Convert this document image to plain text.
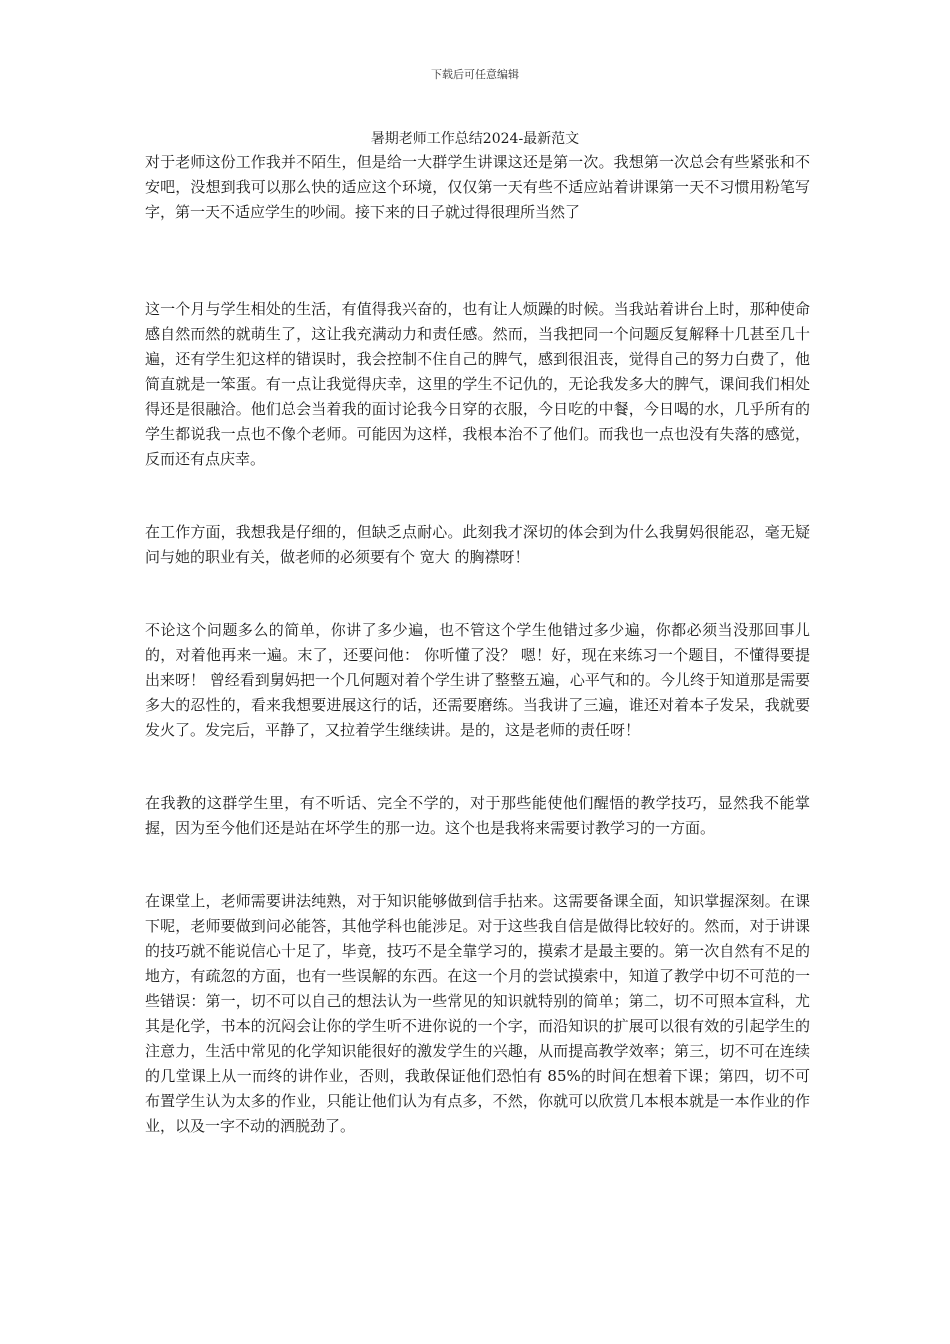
下载后可任意编辑
暑期老师工作总结2024-最新范文

对于老师这份工作我并不陌生，但是给一大群学生讲课这还是第一次。我想第一次总会有些紧张和不安吧，没想到我可以那么快的适应这个环境，仅仅第一天有些不适应站着讲课第一天不习惯用粉笔写字，第一天不适应学生的吵闹。接下来的日子就过得很理所当然了

这一个月与学生相处的生活，有值得我兴奋的，也有让人烦躁的时候。当我站着讲台上时，那种使命感自然而然的就萌生了，这让我充满动力和责任感。然而，当我把同一个问题反复解释十几甚至几十遍，还有学生犯这样的错误时，我会控制不住自己的脾气，感到很沮丧，觉得自己的努力白费了，他简直就是一笨蛋。有一点让我觉得庆幸，这里的学生不记仇的，无论我发多大的脾气，课间我们相处得还是很融洽。他们总会当着我的面讨论我今日穿的衣服，今日吃的中餐，今日喝的水，几乎所有的学生都说我一点也不像个老师。可能因为这样，我根本治不了他们。而我也一点也没有失落的感觉，反而还有点庆幸。

在工作方面，我想我是仔细的，但缺乏点耐心。此刻我才深切的体会到为什么我舅妈很能忍，毫无疑问与她的职业有关，做老师的必须要有个 宽大 的胸襟呀！

不论这个问题多么的简单，你讲了多少遍，也不管这个学生他错过多少遍，你都必须当没那回事儿的，对着他再来一遍。末了，还要问他： 你听懂了没？ 嗯！好，现在来练习一个题目，不懂得要提出来呀！ 曾经看到舅妈把一个几何题对着个学生讲了整整五遍，心平气和的。今儿终于知道那是需要多大的忍性的，看来我想要进展这行的话，还需要磨练。当我讲了三遍，谁还对着本子发呆，我就要发火了。发完后，平静了，又拉着学生继续讲。是的，这是老师的责任呀！

在我教的这群学生里，有不听话、完全不学的，对于那些能使他们醒悟的教学技巧，显然我不能掌握，因为至今他们还是站在坏学生的那一边。这个也是我将来需要讨教学习的一方面。

在课堂上，老师需要讲法纯熟，对于知识能够做到信手拈来。这需要备课全面，知识掌握深刻。在课下呢，老师要做到问必能答，其他学科也能涉足。对于这些我自信是做得比较好的。然而，对于讲课的技巧就不能说信心十足了，毕竟，技巧不是全靠学习的，摸索才是最主要的。第一次自然有不足的地方，有疏忽的方面，也有一些误解的东西。在这一个月的尝试摸索中，知道了教学中切不可范的一些错误：第一，切不可以自己的想法认为一些常见的知识就特别的简单；第二，切不可照本宣科，尤其是化学，书本的沉闷会让你的学生听不进你说的一个字，而沿知识的扩展可以很有效的引起学生的注意力，生活中常见的化学知识能很好的激发学生的兴趣，从而提高教学效率；第三，切不可在连续的几堂课上从一而终的讲作业，否则，我敢保证他们恐怕有 85%的时间在想着下课；第四，切不可布置学生认为太多的作业，只能让他们认为有点多，不然，你就可以欣赏几本根本就是一本作业的作业，以及一字不动的洒脱劲了。
